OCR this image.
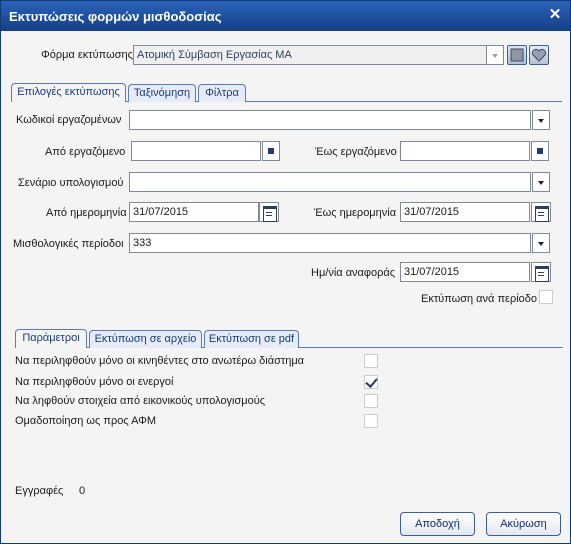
Εκτυπώσεις φορμών μισθοδοσίας	✕
Φόρμα εκτύπωσης Ατομική Σύμβαση Εργασίας ΜΑ
Επιλογές εκτύπωσης	Ταξινόμηση	Φίλτρα
Κωδικοί εργαζομένων
Από εργαζόμενο	Έως εργαζόμενο
Σενάριο υπολογισμού
Από ημερομηνία 31/07/2015	Έως ημερομηνία 31/07/2015
Μισθολογικές περίοδοι 333
Ημ/νία αναφοράς 31/07/2015
Εκτύπωση ανά περίοδο
Παράμετροι	Εκτύπωση σε αρχείο	Εκτύπωση σε pdf
Να περιληφθούν μόνο οι κινηθέντες στο ανωτέρω διάστημα
Να περιληφθούν μόνο οι ενεργοί
Να ληφθούν στοιχεία από εικονικούς υπολογισμούς
Ομαδοποίηση ως προς ΑΦΜ
Εγγραφές 0
Αποδοχή	Ακύρωση
